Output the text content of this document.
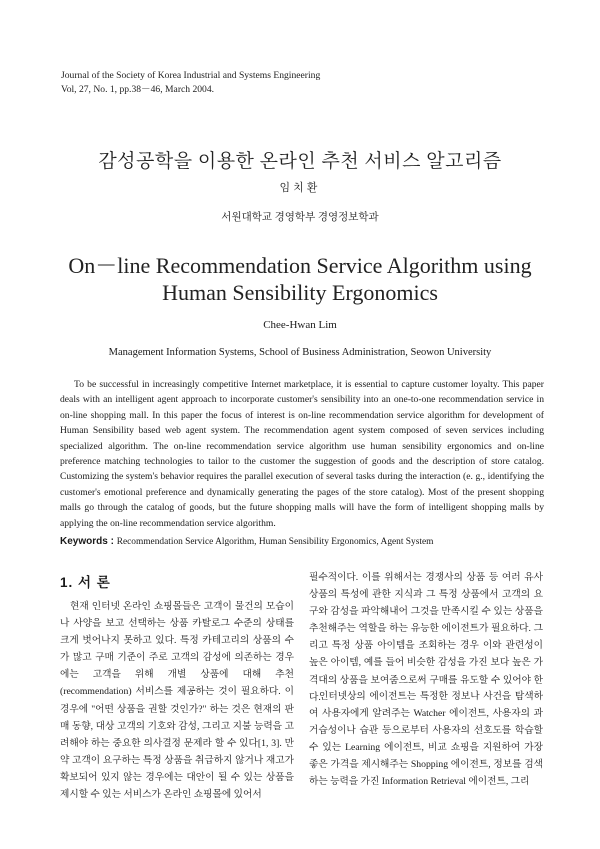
Journal of the Society of Korea Industrial and Systems Engineering
Vol, 27, No. 1, pp.38－46, March 2004.
감성공학을 이용한 온라인 추천 서비스 알고리즘
임치환
서원대학교 경영학부 경영정보학과
On－line Recommendation Service Algorithm using Human Sensibility Ergonomics
Chee-Hwan Lim
Management Information Systems, School of Business Administration, Seowon University

To be successful in increasingly competitive Internet marketplace, it is essential to capture customer loyalty. This paper deals with an intelligent agent approach to incorporate customer's sensibility into an one-to-one recommendation service in on-line shopping mall. In this paper the focus of interest is on-line recommendation service algorithm for development of Human Sensibility based web agent system. The recommendation agent system composed of seven services including specialized algorithm. The on-line recommendation service algorithm use human sensibility ergonomics and on-line preference matching technologies to tailor to the customer the suggestion of goods and the description of store catalog. Customizing the system's behavior requires the parallel execution of several tasks during the interaction (e. g., identifying the customer's emotional preference and dynamically generating the pages of the store catalog). Most of the present shopping malls go through the catalog of goods, but the future shopping malls will have the form of intelligent shopping malls by applying the on-line recommendation service algorithm.

Keywords : Recommendation Service Algorithm, Human Sensibility Ergonomics, Agent System
1. 서 론

현재 인터넷 온라인 쇼핑몰들은 고객이 물건의 모습이나 사양을 보고 선택하는 상품 카탈로그 수준의 상태를 크게 벗어나지 못하고 있다. 특정 카테고리의 상품의 수가 많고 구매 기준이 주로 고객의 감성에 의존하는 경우에는 고객을 위해 개별 상품에 대해 추천(recommendation) 서비스를 제공하는 것이 필요하다. 이 경우에 "어떤 상품을 권할 것인가?" 하는 것은 현재의 판매 동향, 대상 고객의 기호와 감성, 그리고 지불 능력을 고려해야 하는 중요한 의사결정 문제라 할 수 있다[1, 3]. 만약 고객이 요구하는 특정 상품을 취급하지 않거나 재고가 확보되어 있지 않는 경우에는 대안이 될 수 있는 상품을 제시할 수 있는 서비스가 온라인 쇼핑몰에 있어서

필수적이다. 이를 위해서는 경쟁사의 상품 등 여러 유사 상품의 특성에 관한 지식과 그 특정 상품에서 고객의 요구와 감성을 파악해내어 그것을 만족시킬 수 있는 상품을 추천해주는 역할을 하는 유능한 에이전트가 필요하다. 그리고 특정 상품 아이템을 조회하는 경우 이와 관련성이 높은 아이템, 예를 들어 비슷한 감성을 가진 보다 높은 가격대의 상품을 보여줌으로써 구매를 유도할 수 있어야 한다.

인터넷상의 에이전트는 특정한 정보나 사건을 탐색하여 사용자에게 알려주는 Watcher 에이전트, 사용자의 과거습성이나 습관 등으로부터 사용자의 선호도를 학습할 수 있는 Learning 에이전트, 비교 쇼핑을 지원하여 가장 좋은 가격을 제시해주는 Shopping 에이전트, 정보를 검색하는 능력을 가진 Information Retrieval 에이전트, 그리
